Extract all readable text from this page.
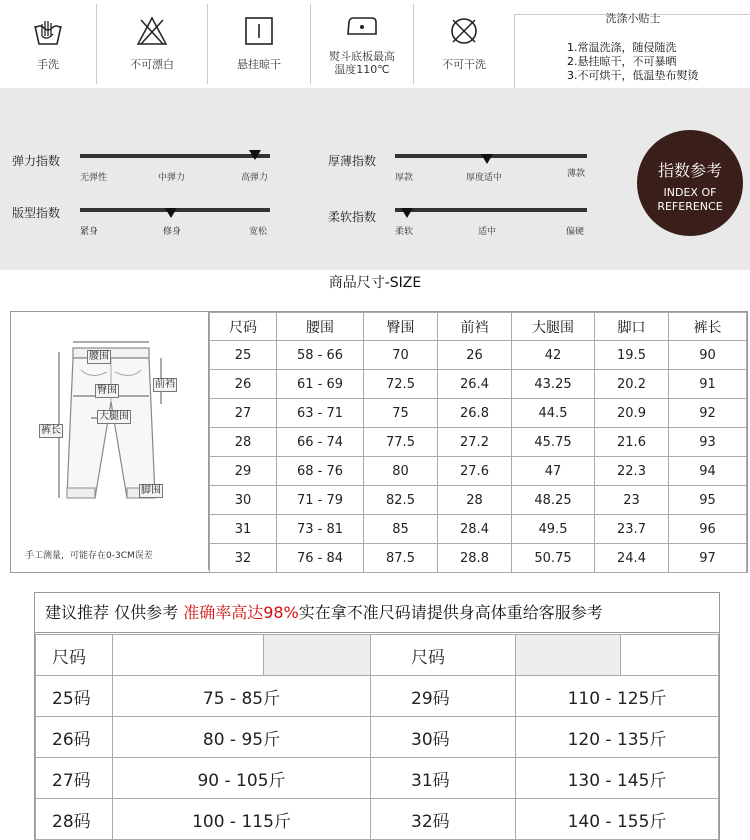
手洗	不可漂白	悬挂晾干
熨斗底板最高
温度110℃	不可干洗
洗涤小贴士
1.常温洗涤，随侵随洗
2.悬挂晾干，不可暴晒
3.不可烘干，低温垫布熨烫
弹力指数
无弹性	中弹力	高弹力
版型指数
紧身	修身	宽松
厚薄指数
厚款	厚度适中	薄款
柔软指数
柔软	适中	偏硬
指数参考
INDEX OF
REFERENCE
商品尺寸-SIZE
腰围
臀围
前裆
裤长
大腿围
脚围
手工测量，可能存在0-3CM误差
尺码	腰围	臀围	前裆	大腿围	脚口	裤长
25	58 - 66	70	26	42	19.5	90
26	61 - 69	72.5	26.4	43.25	20.2	91
27	63 - 71	75	26.8	44.5	20.9	92
28	66 - 74	77.5	27.2	45.75	21.6	93
29	68 - 76	80	27.6	47	22.3	94
30	71 - 79	82.5	28	48.25	23	95
31	73 - 81	85	28.4	49.5	23.7	96
32	76 - 84	87.5	28.8	50.75	24.4	97
建议推荐 仅供参考 准确率高达98%实在拿不准尺码请提供身高体重给客服参考
尺码			尺码		
25码	75 - 85斤		29码	110 - 125斤	
26码	80 - 95斤		30码	120 - 135斤	
27码	90 - 105斤		31码	130 - 145斤	
28码	100 - 115斤		32码	140 - 155斤	
